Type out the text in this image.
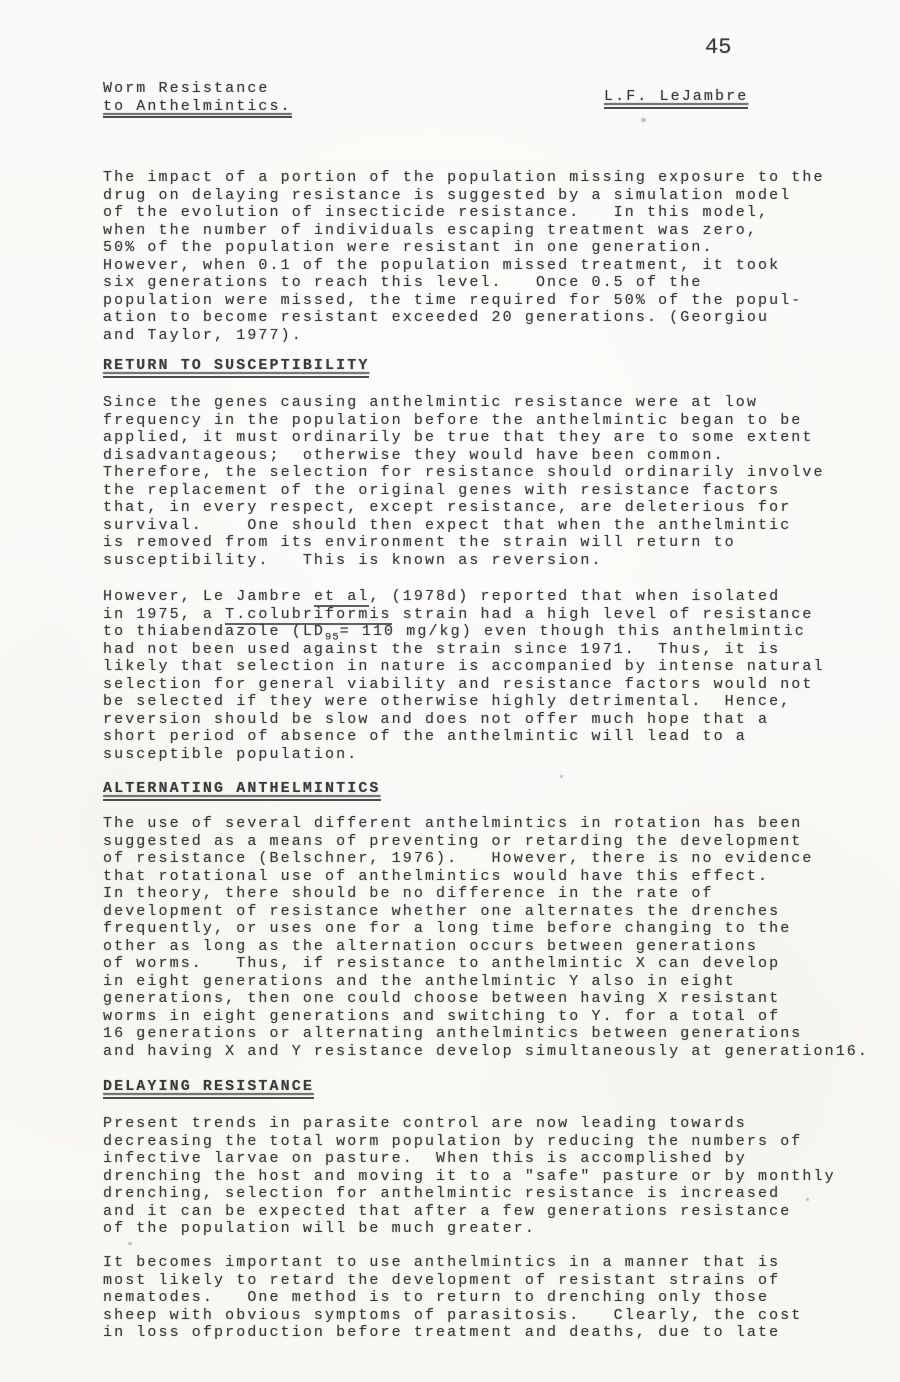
45
Worm Resistance
to Anthelmintics.
L.F. LeJambre
The impact of a portion of the population missing exposure to the
drug on delaying resistance is suggested by a simulation model
of the evolution of insecticide resistance.   In this model,
when the number of individuals escaping treatment was zero,
50% of the population were resistant in one generation.
However, when 0.1 of the population missed treatment, it took
six generations to reach this level.   Once 0.5 of the
population were missed, the time required for 50% of the popul-
ation to become resistant exceeded 20 generations. (Georgiou
and Taylor, 1977).
RETURN TO SUSCEPTIBILITY
Since the genes causing anthelmintic resistance were at low
frequency in the population before the anthelmintic began to be
applied, it must ordinarily be true that they are to some extent
disadvantageous;  otherwise they would have been common.
Therefore, the selection for resistance should ordinarily involve
the replacement of the original genes with resistance factors
that, in every respect, except resistance, are deleterious for
survival.    One should then expect that when the anthelmintic
is removed from its environment the strain will return to
susceptibility.   This is known as reversion.
However, Le Jambre et al, (1978d) reported that when isolated
in 1975, a T.colubriformis strain had a high level of resistance
to thiabendazole ($LD_{95}= 110$ mg/kg) even though this anthelmintic
had not been used against the strain since 1971.  Thus, it is
likely that selection in nature is accompanied by intense natural
selection for general viability and resistance factors would not
be selected if they were otherwise highly detrimental.  Hence,
reversion should be slow and does not offer much hope that a
short period of absence of the anthelmintic will lead to a
susceptible population.
ALTERNATING ANTHELMINTICS
The use of several different anthelmintics in rotation has been
suggested as a means of preventing or retarding the development
of resistance (Belschner, 1976).   However, there is no evidence
that rotational use of anthelmintics would have this effect.
In theory, there should be no difference in the rate of
development of resistance whether one alternates the drenches
frequently, or uses one for a long time before changing to the
other as long as the alternation occurs between generations
of worms.   Thus, if resistance to anthelmintic X can develop
in eight generations and the anthelmintic Y also in eight
generations, then one could choose between having X resistant
worms in eight generations and switching to Y. for a total of
16 generations or alternating anthelmintics between generations
and having X and Y resistance develop simultaneously at generation16.
DELAYING RESISTANCE
Present trends in parasite control are now leading towards
decreasing the total worm population by reducing the numbers of
infective larvae on pasture.  When this is accomplished by
drenching the host and moving it to a "safe" pasture or by monthly
drenching, selection for anthelmintic resistance is increased
and it can be expected that after a few generations resistance
of the population will be much greater.
It becomes important to use anthelmintics in a manner that is
most likely to retard the development of resistant strains of
nematodes.   One method is to return to drenching only those
sheep with obvious symptoms of parasitosis.   Clearly, the cost
in loss ofproduction before treatment and deaths, due to late
